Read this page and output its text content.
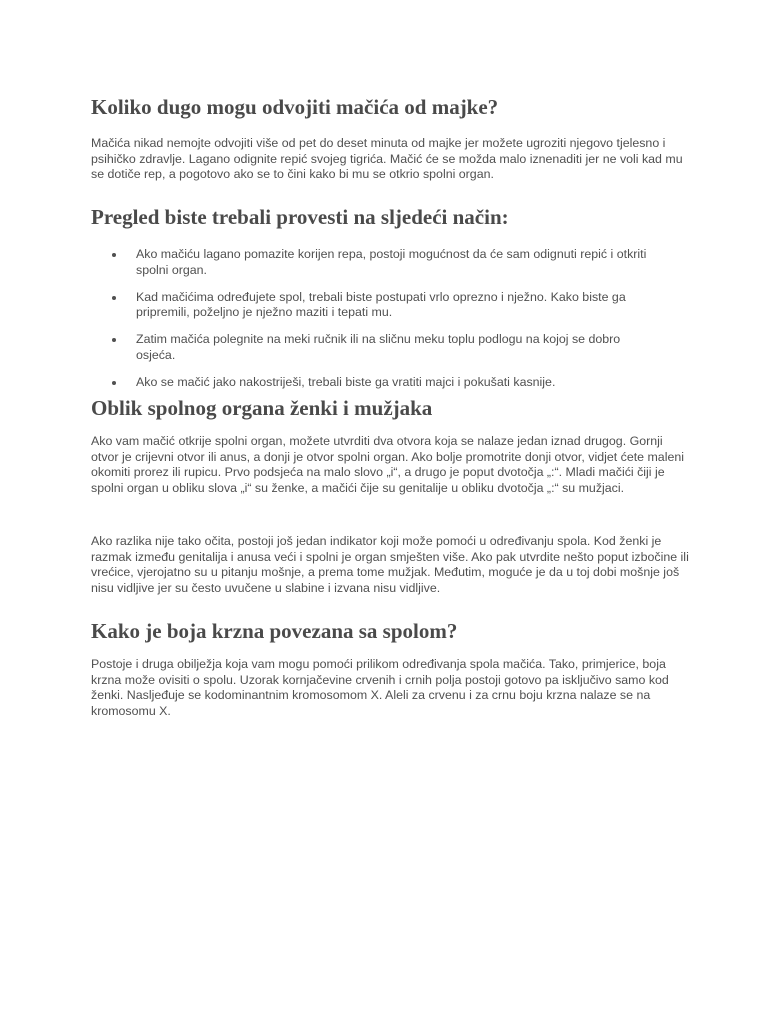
Koliko dugo mogu odvojiti mačića od majke?

Mačića nikad nemojte odvojiti više od pet do deset minuta od majke jer možete ugroziti njegovo tjelesno i psihičko zdravlje. Lagano odignite repić svojeg tigrića. Mačić će se možda malo iznenaditi jer ne voli kad mu se dotiče rep, a pogotovo ako se to čini kako bi mu se otkrio spolni organ.

Pregled biste trebali provesti na sljedeći način:
Ako mačiću lagano pomazite korijen repa, postoji mogućnost da će sam odignuti repić i otkriti spolni organ.
Kad mačićima određujete spol, trebali biste postupati vrlo oprezno i nježno. Kako biste ga pripremili, poželjno je nježno maziti i tepati mu.
Zatim mačića polegnite na meki ručnik ili na sličnu meku toplu podlogu na kojoj se dobro osjeća.
Ako se mačić jako nakostriješi, trebali biste ga vratiti majci i pokušati kasnije.
Oblik spolnog organa ženki i mužjaka

Ako vam mačić otkrije spolni organ, možete utvrditi dva otvora koja se nalaze jedan iznad drugog. Gornji otvor je crijevni otvor ili anus, a donji je otvor spolni organ. Ako bolje promotrite donji otvor, vidjet ćete maleni okomiti prorez ili rupicu. Prvo podsjeća na malo slovo „i“, a drugo je poput dvotočja „:“. Mladi mačići čiji je spolni organ u obliku slova „i“ su ženke, a mačići čije su genitalije u obliku dvotočja „:“ su mužjaci.

Ako razlika nije tako očita, postoji još jedan indikator koji može pomoći u određivanju spola. Kod ženki je razmak između genitalija i anusa veći i spolni je organ smješten više. Ako pak utvrdite nešto poput izbočine ili vrećice, vjerojatno su u pitanju mošnje, a prema tome mužjak. Međutim, moguće je da u toj dobi mošnje još nisu vidljive jer su često uvučene u slabine i izvana nisu vidljive.

Kako je boja krzna povezana sa spolom?

Postoje i druga obilježja koja vam mogu pomoći prilikom određivanja spola mačića. Tako, primjerice, boja krzna može ovisiti o spolu. Uzorak kornjačevine crvenih i crnih polja postoji gotovo pa isključivo samo kod ženki. Nasljeđuje se kodominantnim kromosomom X. Aleli za crvenu i za crnu boju krzna nalaze se na kromosomu X.
